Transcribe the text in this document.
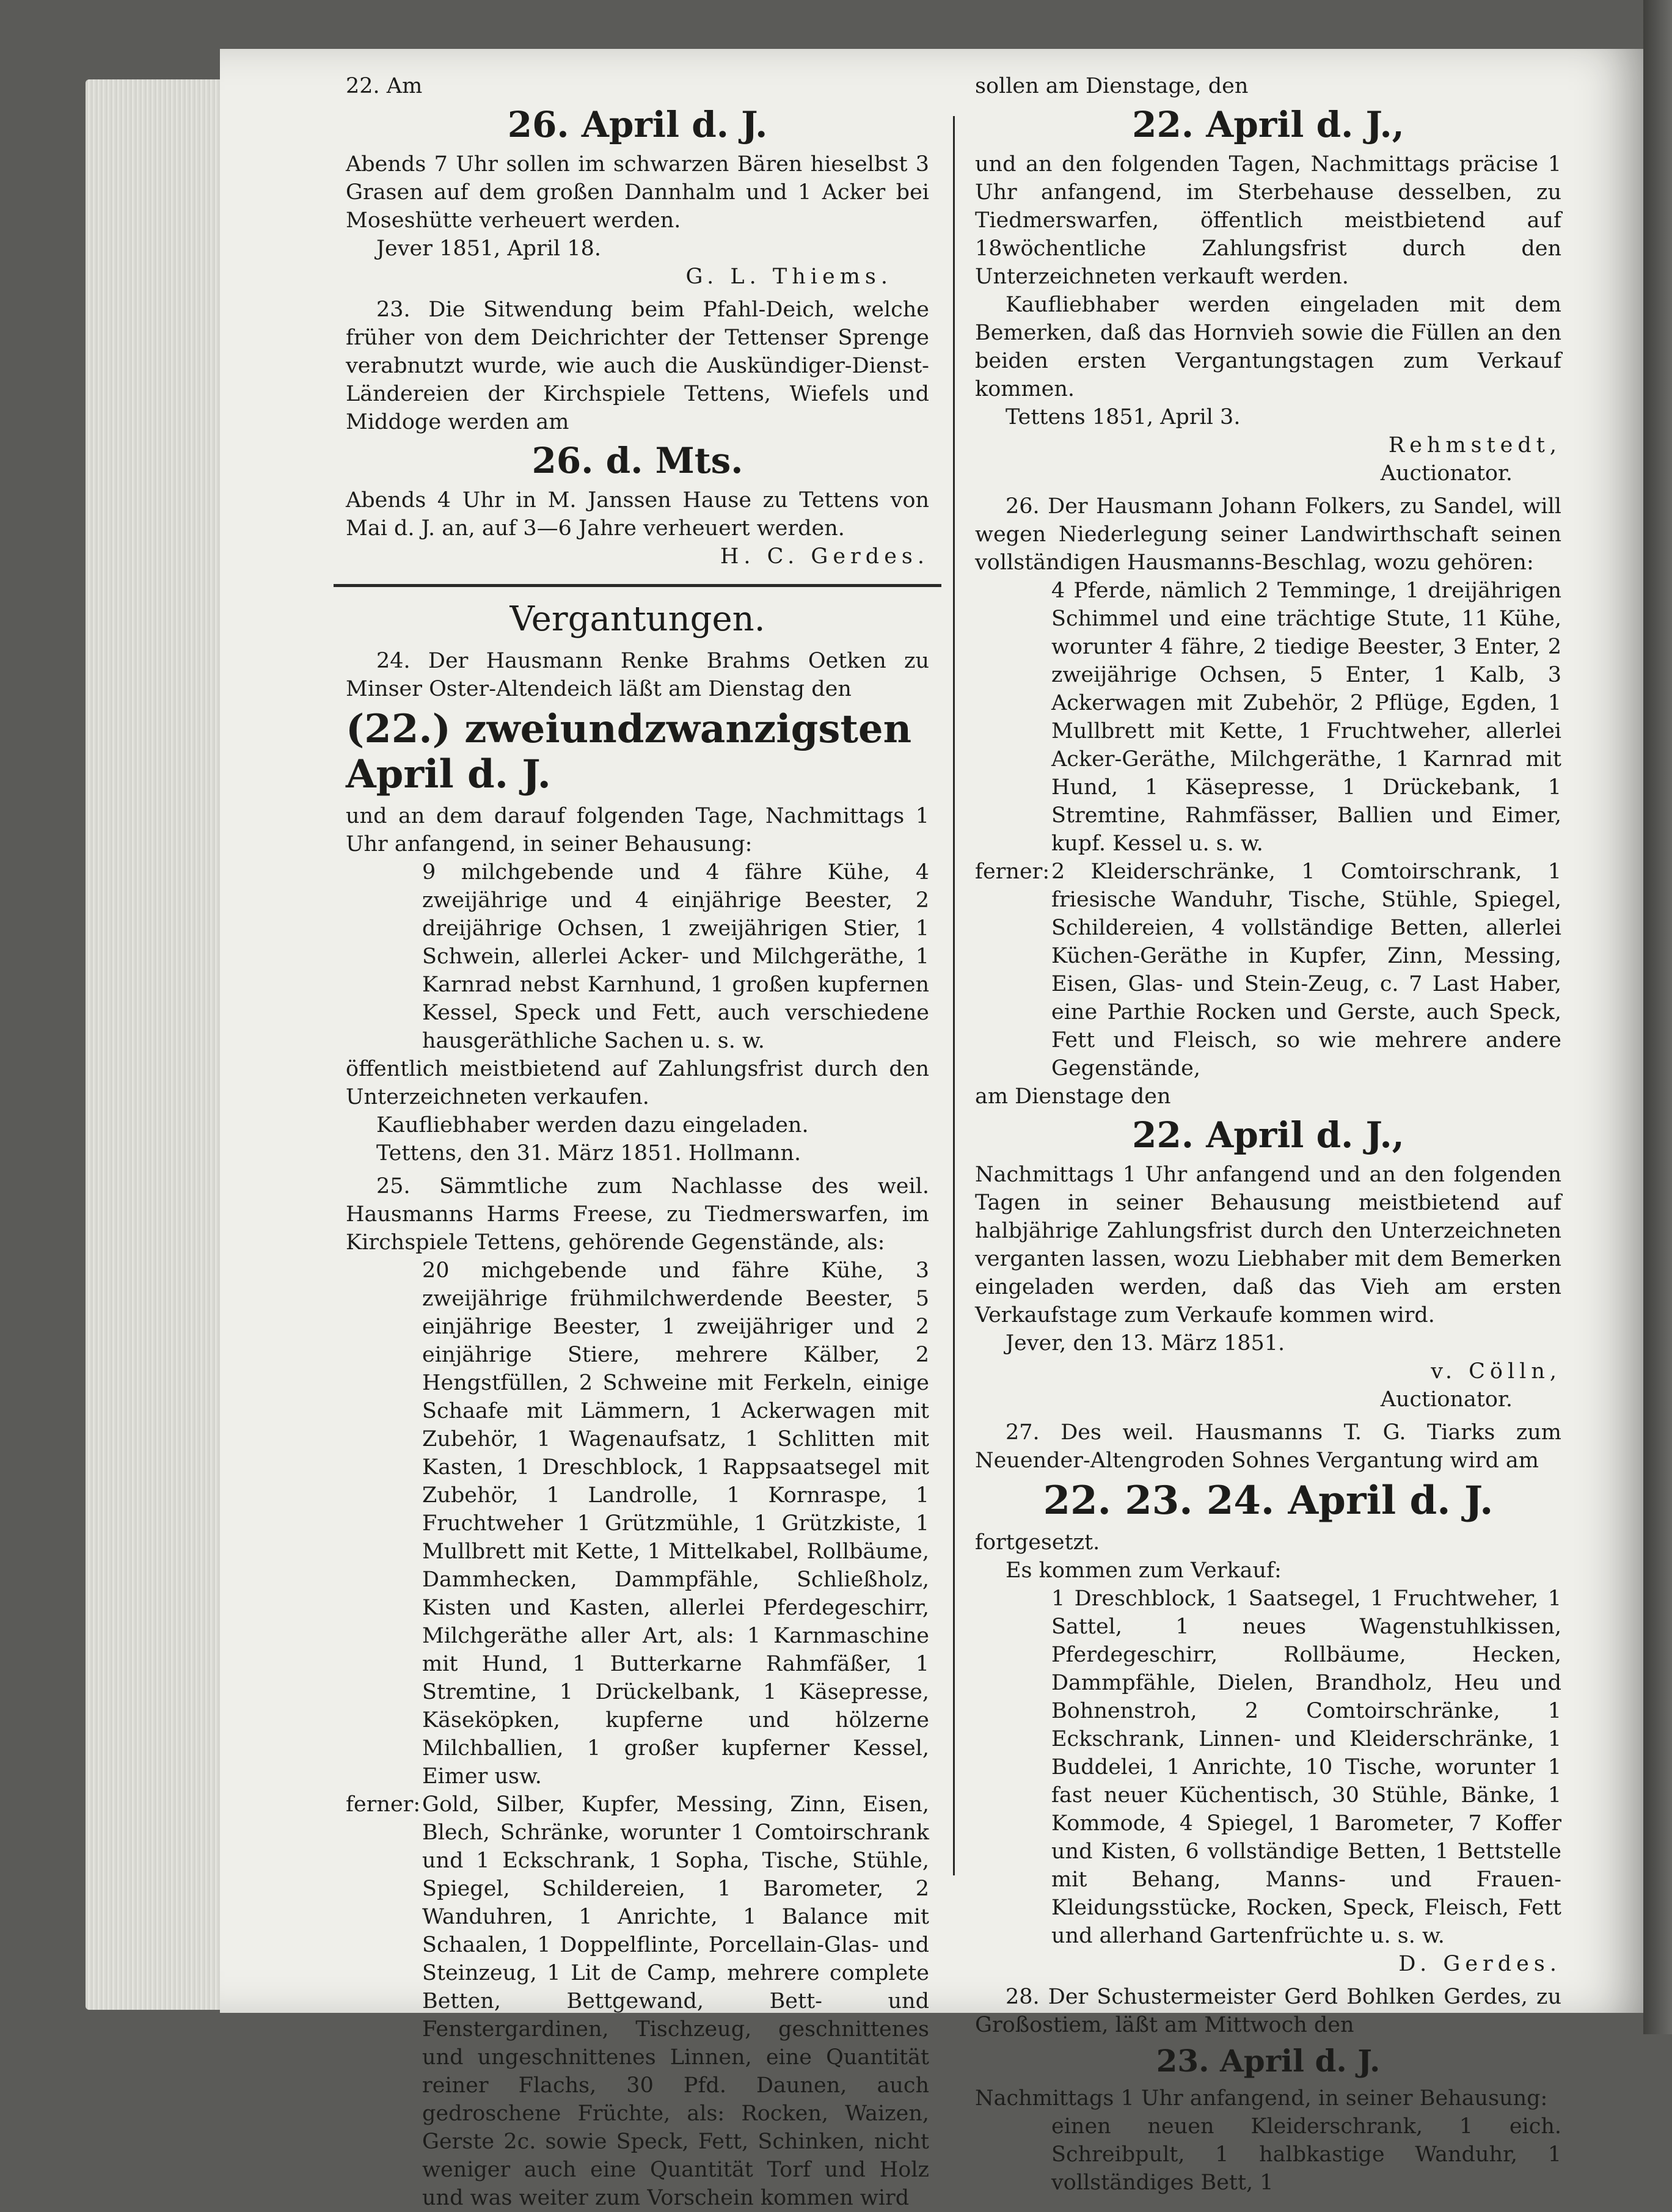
22. Am

26. April d. J.

Abends 7 Uhr sollen im schwarzen Bären hieselbst 3 Grasen auf dem großen Dannhalm und 1 Acker bei Moseshütte verheuert werden.

Jever 1851, April 18.

G. L. Thiems.

23. Die Sitwendung beim Pfahl-Deich, welche früher von dem Deichrichter der Tettenser Sprenge verabnutzt wurde, wie auch die Auskündiger-Dienst-Ländereien der Kirchspiele Tettens, Wiefels und Middoge werden am

26. d. Mts.

Abends 4 Uhr in M. Janssen Hause zu Tettens von Mai d. J. an, auf 3—6 Jahre verheuert werden.

H. C. Gerdes.

Vergantungen.

24. Der Hausmann Renke Brahms Oetken zu Minser Oster-Altendeich läßt am Dienstag den

(22.) zweiundzwanzigsten April d. J.

und an dem darauf folgenden Tage, Nachmittags 1 Uhr anfangend, in seiner Behausung:

9 milchgebende und 4 fähre Kühe, 4 zweijährige und 4 einjährige Beester, 2 dreijährige Ochsen, 1 zweijährigen Stier, 1 Schwein, allerlei Acker- und Milchgeräthe, 1 Karnrad nebst Karnhund, 1 großen kupfernen Kessel, Speck und Fett, auch verschiedene hausgeräthliche Sachen u. s. w.

öffentlich meistbietend auf Zahlungsfrist durch den Unterzeichneten verkaufen.

Kaufliebhaber werden dazu eingeladen.

Tettens, den 31. März 1851. Hollmann.

25. Sämmtliche zum Nachlasse des weil. Hausmanns Harms Freese, zu Tiedmerswarfen, im Kirchspiele Tettens, gehörende Gegenstände, als:

20 michgebende und fähre Kühe, 3 zweijährige frühmilchwerdende Beester, 5 einjährige Beester, 1 zweijähriger und 2 einjährige Stiere, mehrere Kälber, 2 Hengstfüllen, 2 Schweine mit Ferkeln, einige Schaafe mit Lämmern, 1 Ackerwagen mit Zubehör, 1 Wagenaufsatz, 1 Schlitten mit Kasten, 1 Dreschblock, 1 Rappsaatsegel mit Zubehör, 1 Landrolle, 1 Kornraspe, 1 Fruchtweher 1 Grützmühle, 1 Grützkiste, 1 Mullbrett mit Kette, 1 Mittelkabel, Rollbäume, Dammhecken, Dammpfähle, Schließholz, Kisten und Kasten, allerlei Pferdegeschirr, Milchgeräthe aller Art, als: 1 Karnmaschine mit Hund, 1 Butterkarne Rahmfäßer, 1 Stremtine, 1 Drückelbank, 1 Käsepresse, Käseköpken, kupferne und hölzerne Milchballien, 1 großer kupferner Kessel, Eimer usw.

ferner: Gold, Silber, Kupfer, Messing, Zinn, Eisen, Blech, Schränke, worunter 1 Comtoirschrank und 1 Eckschrank, 1 Sopha, Tische, Stühle, Spiegel, Schildereien, 1 Barometer, 2 Wanduhren, 1 Anrichte, 1 Balance mit Schaalen, 1 Doppelflinte, Porcellain-Glas- und Steinzeug, 1 Lit de Camp, mehrere complete Betten, Bettgewand, Bett- und Fenstergardinen, Tischzeug, geschnittenes und ungeschnittenes Linnen, eine Quantität reiner Flachs, 30 Pfd. Daunen, auch gedroschene Früchte, als: Rocken, Waizen, Gerste 2c. sowie Speck, Fett, Schinken, nicht weniger auch eine Quantität Torf und Holz und was weiter zum Vorschein kommen wird

sollen am Dienstage, den

22. April d. J.,

und an den folgenden Tagen, Nachmittags präcise 1 Uhr anfangend, im Sterbehause desselben, zu Tiedmerswarfen, öffentlich meistbietend auf 18wöchentliche Zahlungsfrist durch den Unterzeichneten verkauft werden.

Kaufliebhaber werden eingeladen mit dem Bemerken, daß das Hornvieh sowie die Füllen an den beiden ersten Vergantungstagen zum Verkauf kommen.

Tettens 1851, April 3.

Rehmstedt,

Auctionator.

26. Der Hausmann Johann Folkers, zu Sandel, will wegen Niederlegung seiner Landwirthschaft seinen vollständigen Hausmanns-Beschlag, wozu gehören:

4 Pferde, nämlich 2 Temminge, 1 dreijährigen Schimmel und eine trächtige Stute, 11 Kühe, worunter 4 fähre, 2 tiedige Beester, 3 Enter, 2 zweijährige Ochsen, 5 Enter, 1 Kalb, 3 Ackerwagen mit Zubehör, 2 Pflüge, Egden, 1 Mullbrett mit Kette, 1 Fruchtweher, allerlei Acker-Geräthe, Milchgeräthe, 1 Karnrad mit Hund, 1 Käsepresse, 1 Drückebank, 1 Stremtine, Rahmfässer, Ballien und Eimer, kupf. Kessel u. s. w.

ferner: 2 Kleiderschränke, 1 Comtoirschrank, 1 friesische Wanduhr, Tische, Stühle, Spiegel, Schildereien, 4 vollständige Betten, allerlei Küchen-Geräthe in Kupfer, Zinn, Messing, Eisen, Glas- und Stein-Zeug, c. 7 Last Haber, eine Parthie Rocken und Gerste, auch Speck, Fett und Fleisch, so wie mehrere andere Gegenstände,

am Dienstage den

22. April d. J.,

Nachmittags 1 Uhr anfangend und an den folgenden Tagen in seiner Behausung meistbietend auf halbjährige Zahlungsfrist durch den Unterzeichneten verganten lassen, wozu Liebhaber mit dem Bemerken eingeladen werden, daß das Vieh am ersten Verkaufstage zum Verkaufe kommen wird.

Jever, den 13. März 1851.

v. Cölln,

Auctionator.

27. Des weil. Hausmanns T. G. Tiarks zum Neuender-Altengroden Sohnes Vergantung wird am

22. 23. 24. April d. J.

fortgesetzt.

Es kommen zum Verkauf:

1 Dreschblock, 1 Saatsegel, 1 Fruchtweher, 1 Sattel, 1 neues Wagenstuhlkissen, Pferdegeschirr, Rollbäume, Hecken, Dammpfähle, Dielen, Brandholz, Heu und Bohnenstroh, 2 Comtoirschränke, 1 Eckschrank, Linnen- und Kleiderschränke, 1 Buddelei, 1 Anrichte, 10 Tische, worunter 1 fast neuer Küchentisch, 30 Stühle, Bänke, 1 Kommode, 4 Spiegel, 1 Barometer, 7 Koffer und Kisten, 6 vollständige Betten, 1 Bettstelle mit Behang, Manns- und Frauen-Kleidungsstücke, Rocken, Speck, Fleisch, Fett und allerhand Gartenfrüchte u. s. w.

D. Gerdes.

28. Der Schustermeister Gerd Bohlken Gerdes, zu Großostiem, läßt am Mittwoch den

23. April d. J.

Nachmittags 1 Uhr anfangend, in seiner Behausung:

einen neuen Kleiderschrank, 1 eich. Schreibpult, 1 halbkastige Wanduhr, 1 vollständiges Bett, 1
